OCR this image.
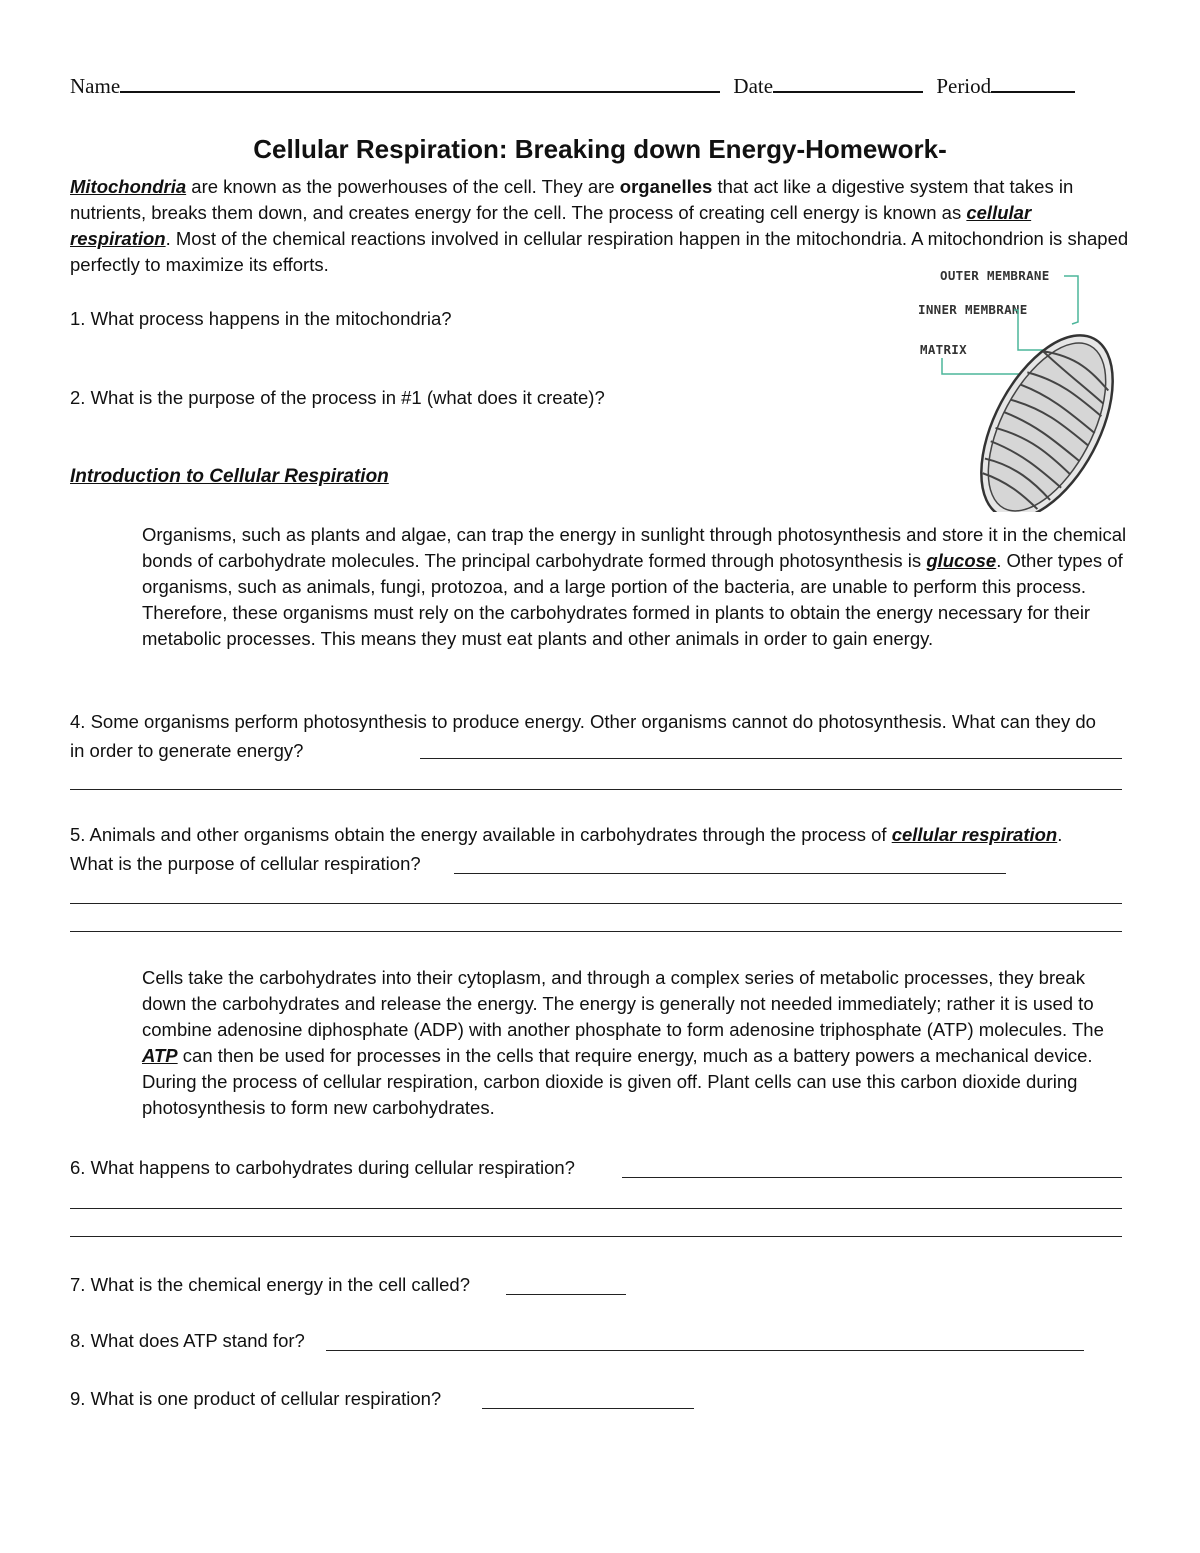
Name	Date	Period
Cellular Respiration: Breaking down Energy-Homework-

Mitochondria are known as the powerhouses of the cell. They are organelles that act like a digestive system that takes in nutrients, breaks them down, and creates energy for the cell. The process of creating cell energy is known as cellular respiration. Most of the chemical reactions involved in cellular respiration happen in the mitochondria. A mitochondrion is shaped perfectly to maximize its efforts.

OUTER MEMBRANE
INNER MEMBRANE
MATRIX

1. What process happens in the mitochondria?

2. What is the purpose of the process in #1 (what does it create)?

Introduction to Cellular Respiration

Organisms, such as plants and algae, can trap the energy in sunlight through photosynthesis and store it in the chemical bonds of carbohydrate molecules. The principal carbohydrate formed through photosynthesis is glucose. Other types of organisms, such as animals, fungi, protozoa, and a large portion of the bacteria, are unable to perform this process. Therefore, these organisms must rely on the carbohydrates formed in plants to obtain the energy necessary for their metabolic processes. This means they must eat plants and other animals in order to gain energy.

4. Some organisms perform photosynthesis to produce energy. Other organisms cannot do photosynthesis. What can they do in order to generate energy?

5. Animals and other organisms obtain the energy available in carbohydrates through the process of cellular respiration.

What is the purpose of cellular respiration?

Cells take the carbohydrates into their cytoplasm, and through a complex series of metabolic processes, they break down the carbohydrates and release the energy. The energy is generally not needed immediately; rather it is used to combine adenosine diphosphate (ADP) with another phosphate to form adenosine triphosphate (ATP) molecules. The ATP can then be used for processes in the cells that require energy, much as a battery powers a mechanical device. During the process of cellular respiration, carbon dioxide is given off. Plant cells can use this carbon dioxide during photosynthesis to form new carbohydrates.

6. What happens to carbohydrates during cellular respiration?

7. What is the chemical energy in the cell called?

8. What does ATP stand for?

9. What is one product of cellular respiration?
